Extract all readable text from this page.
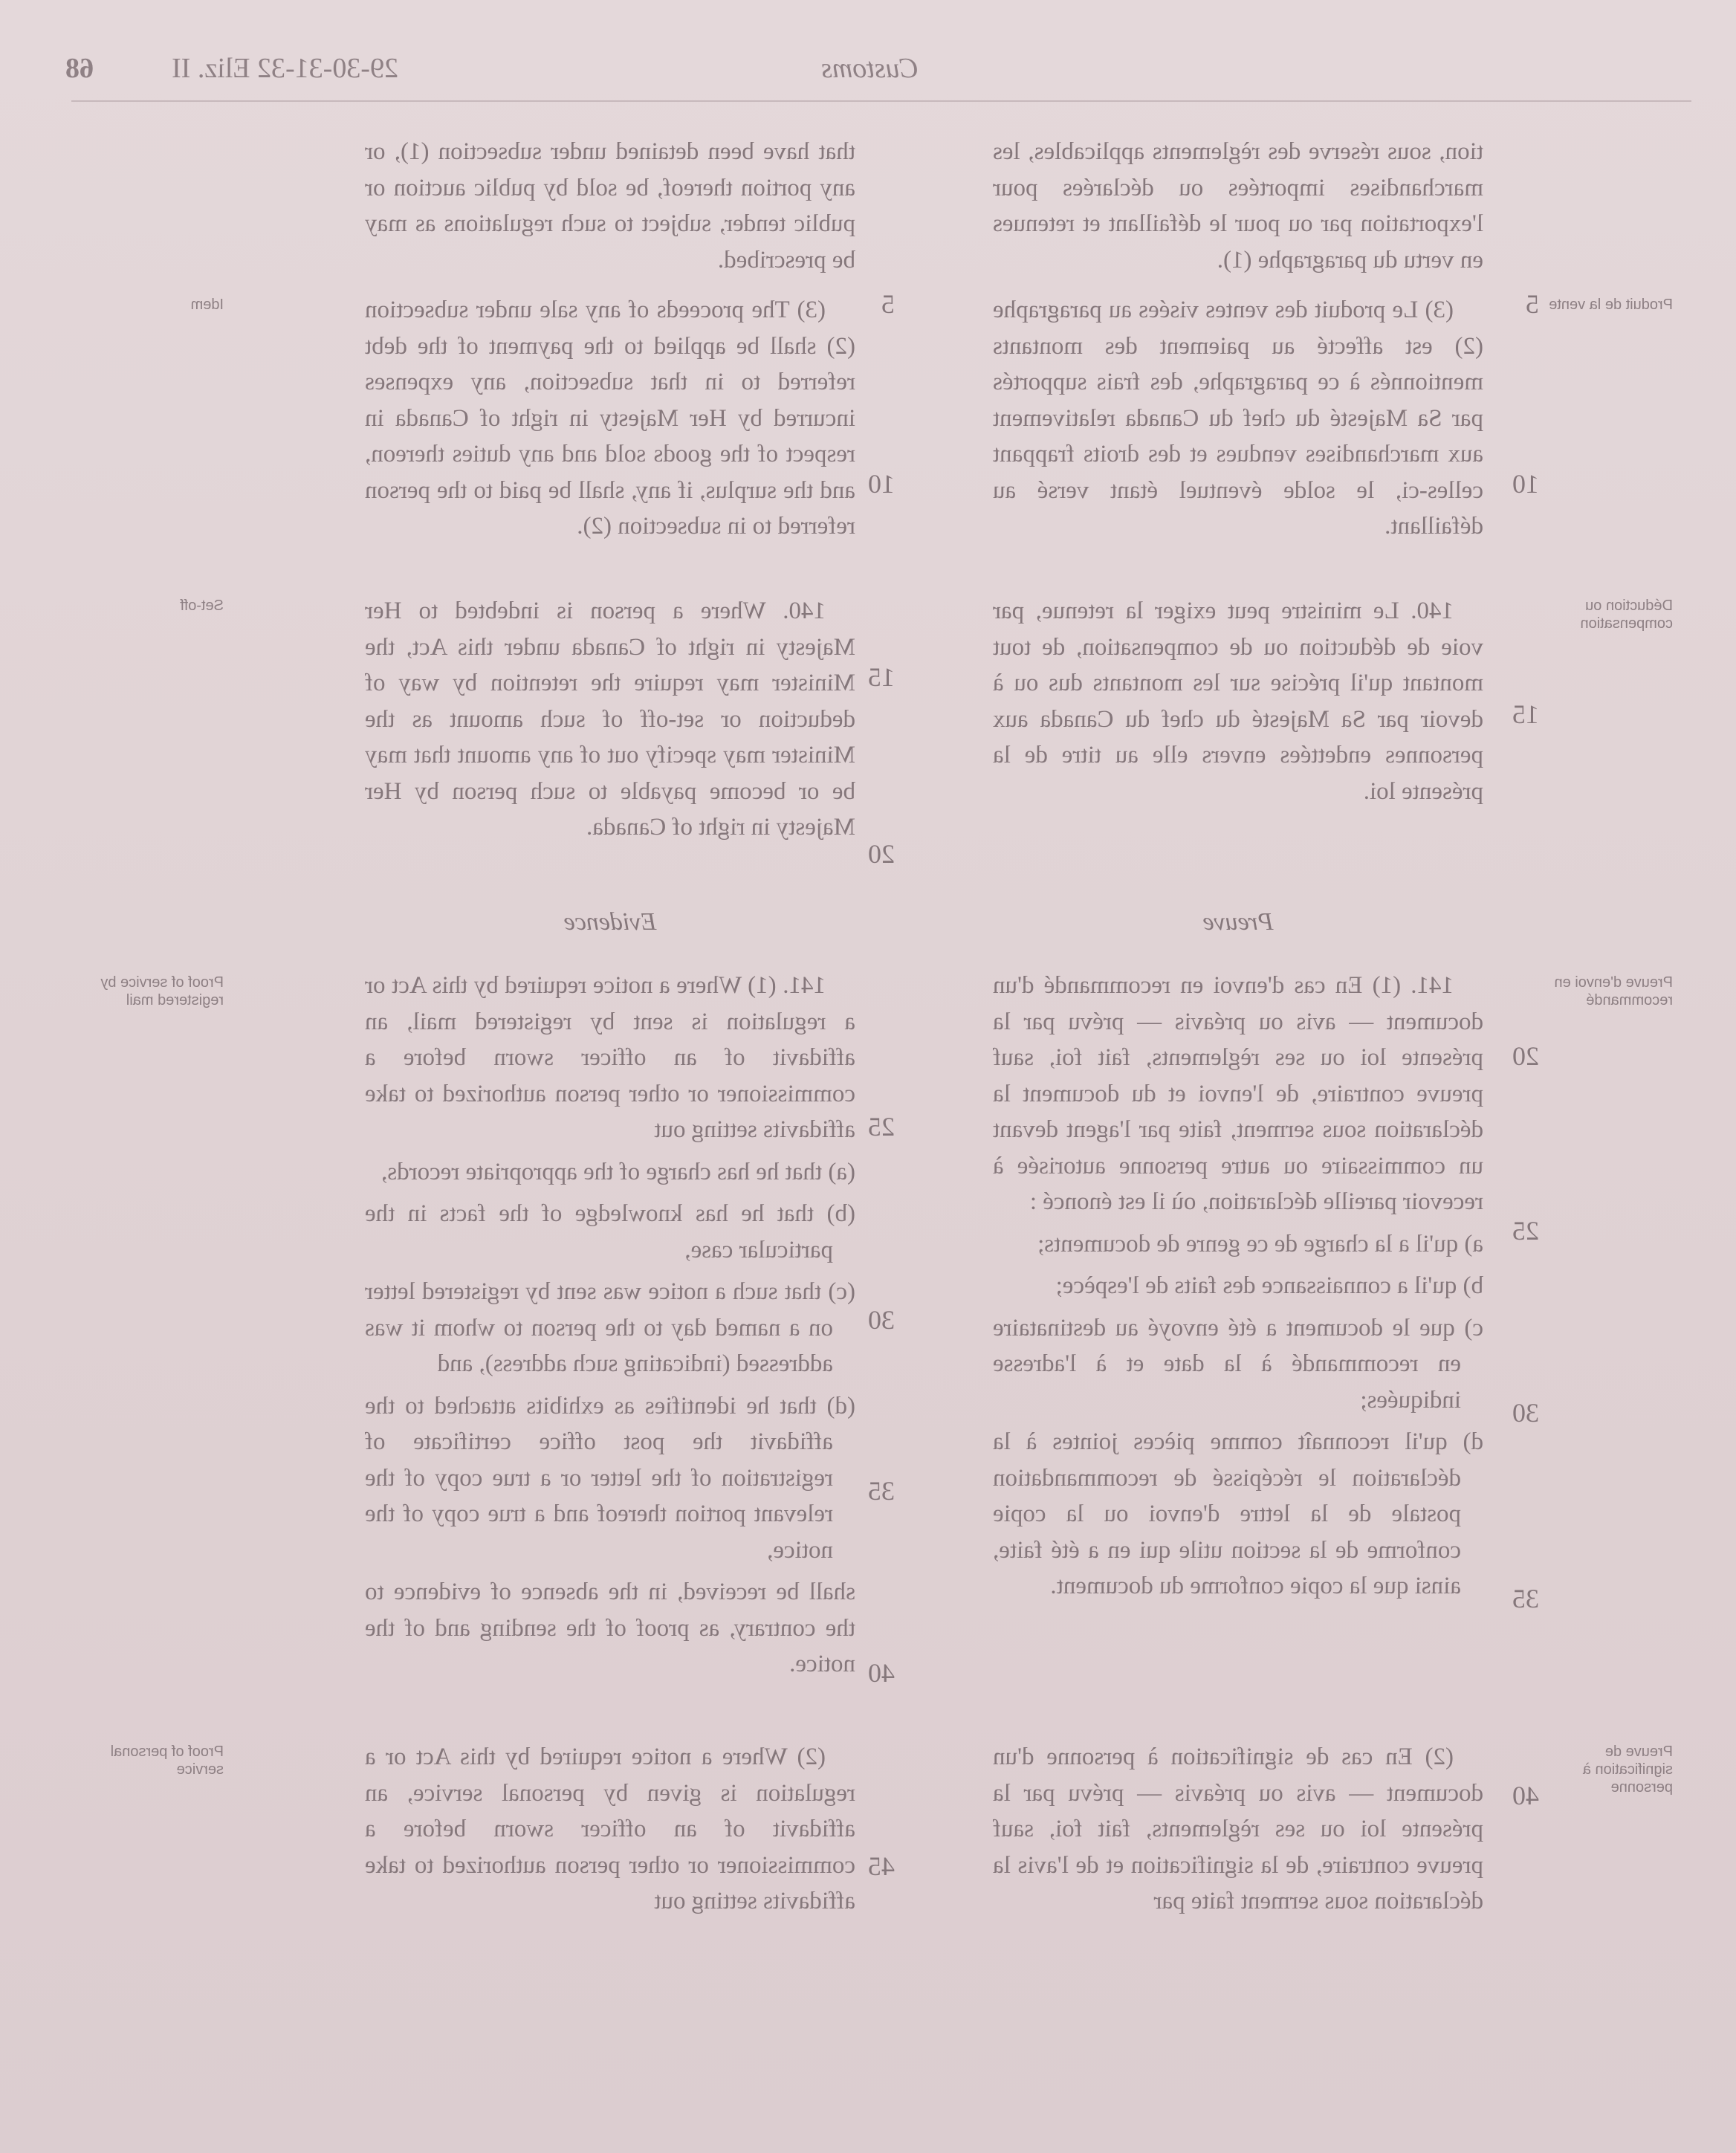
68	Customs
29-30-31-32 Eliz. II

that have been detained under subsection (1), or any portion thereof, be sold by public auction or public tender, subject to such regulations as may be prescribed.

(3) The proceeds of any sale under subsection (2) shall be applied to the payment of the debt referred to in that subsection, any expenses incurred by Her Majesty in right of Canada in respect of the goods sold and any duties thereon, and the surplus, if any, shall be paid to the person referred to in subsection (2).

140. Where a person is indebted to Her Majesty in right of Canada under this Act, the Minister may require the retention by way of deduction or set-off of such amount as the Minister may specify out of any amount that may be or become payable to such person by Her Majesty in right of Canada.

Evidence

141. (1) Where a notice required by this Act or a regulation is sent by registered mail, an affidavit of an officer sworn before a commissioner or other person authorized to take affidavits setting out

(a) that he has charge of the appropriate records,

(b) that he has knowledge of the facts in the particular case,

(c) that such a notice was sent by registered letter on a named day to the person to whom it was addressed (indicating such address), and

(d) that he identifies as exhibits attached to the affidavit the post office certificate of registration of the letter or a true copy of the relevant portion thereof and a true copy of the notice,

shall be received, in the absence of evidence to the contrary, as proof of the sending and of the notice.

(2) Where a notice required by this Act or a regulation is given by personal service, an affidavit of an officer sworn before a commissioner or other person authorized to take affidavits setting out

tion, sous réserve des règlements applicables, les marchandises importées ou déclarées pour l'exportation par ou pour le défaillant et retenues en vertu du paragraphe (1).

(3) Le produit des ventes visées au paragraphe (2) est affecté au paiement des montants mentionnés à ce paragraphe, des frais supportés par Sa Majesté du chef du Canada relativement aux marchandises vendues et des droits frappant celles-ci, le solde éventuel étant versé au défaillant.

140. Le ministre peut exiger la retenue, par voie de déduction ou de compensation, de tout montant qu'il précise sur les montants dus ou à devoir par Sa Majesté du chef du Canada aux personnes endettées envers elle au titre de la présente loi.

Preuve

141. (1) En cas d'envoi en recommandé d'un document — avis ou préavis — prévu par la présente loi ou ses règlements, fait foi, sauf preuve contraire, de l'envoi et du document la déclaration sous serment, faite par l'agent devant un commissaire ou autre personne autorisée à recevoir pareille déclaration, où il est énoncé :

a) qu'il a la charge de ce genre de documents;

b) qu'il a connaissance des faits de l'espèce;

c) que le document a été envoyé au destinataire en recommandé à la date et à l'adresse indiquées;

d) qu'il reconnaît comme pièces jointes à la déclaration le récépissé de recommandation postale de la lettre d'envoi ou la copie conforme de la section utile qui en a été faite, ainsi que la copie conforme du document.

(2) En cas de signification à personne d'un document — avis ou préavis — prévu par la présente loi ou ses règlements, fait foi, sauf preuve contraire, de la signification et de l'avis la déclaration sous serment faite par

Idem
Set-off
Proof of service by registered mail
Proof of personal service
Produit de la vente
Déduction ou compensation
Preuve d'envoi en recommandé
Preuve de signification à personne
5
10
15
20
25
30
35
40
45
5
10
15
20
25
30
35
40
